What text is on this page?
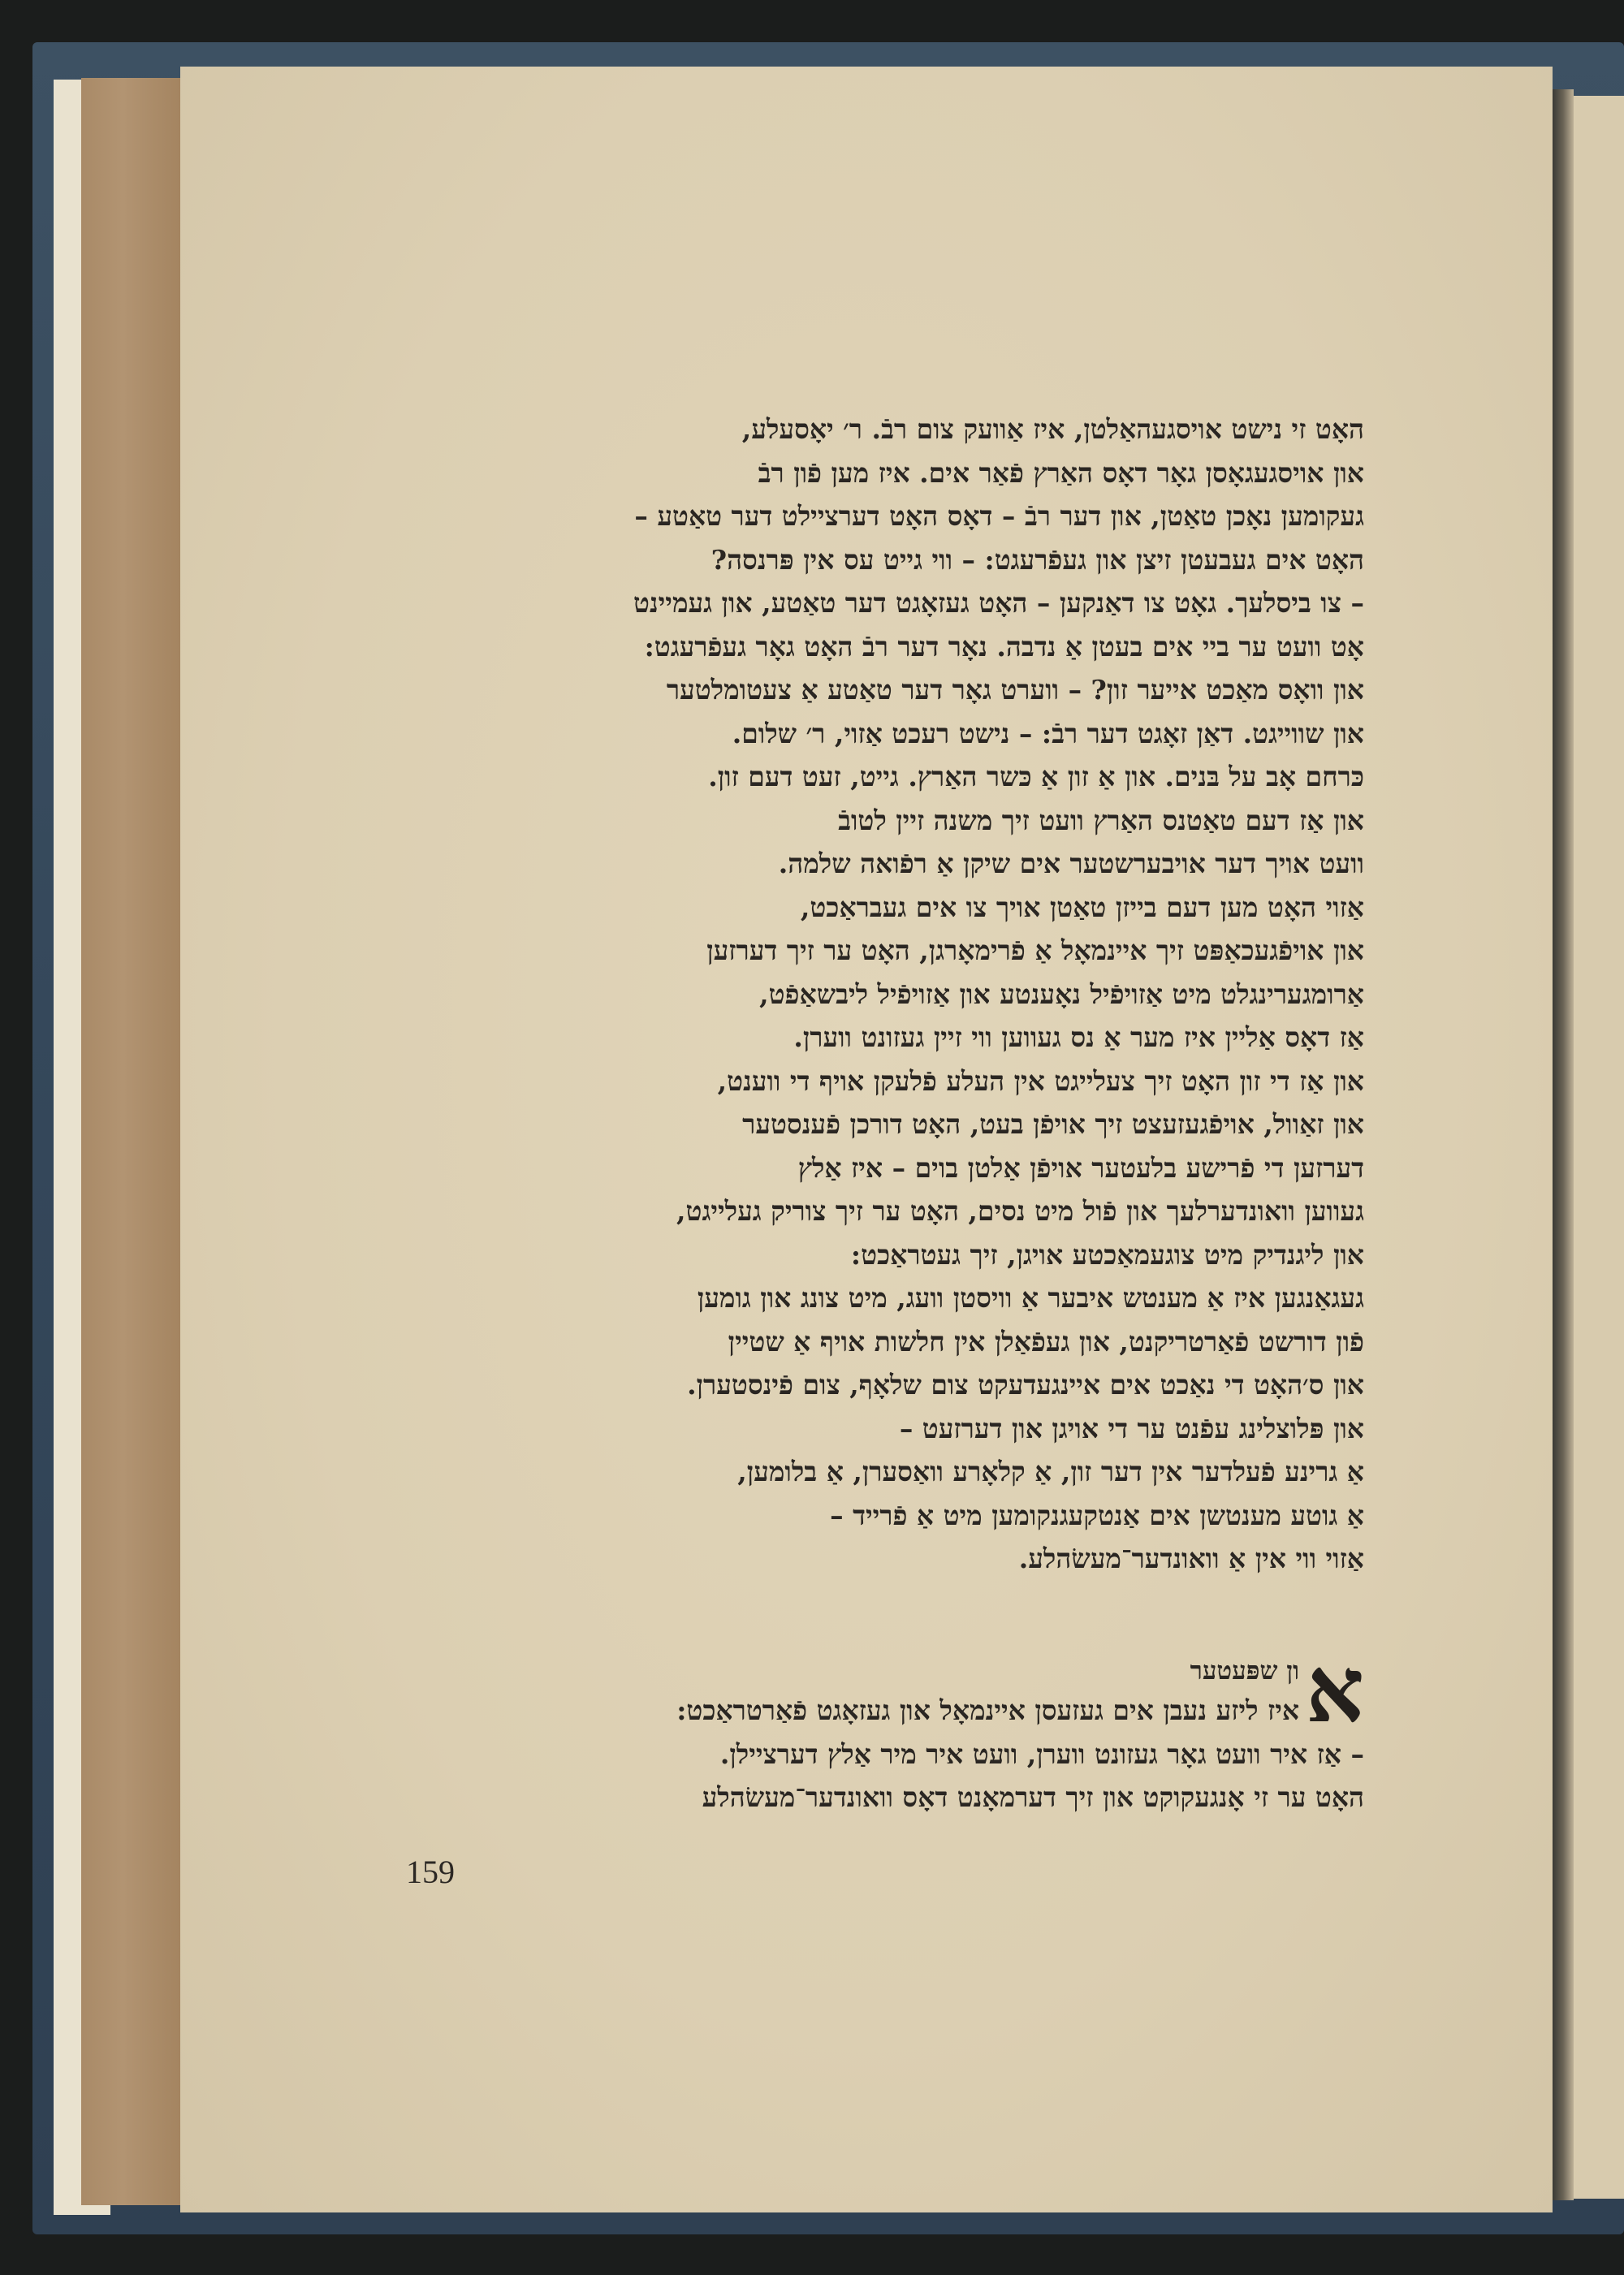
האָט זי נישט אויסגעהאַלטן, איז אַוועק צום רבֿ. ר׳ יאָסעלע,
און אויסגעגאָסן גאָר דאָס האַרץ פֿאַר אים. איז מען פֿון רבֿ
געקומען נאָכן טאַטן, און דער רבֿ – דאָס האָט דערציילט דער טאַטע –
האָט אים געבעטן זיצן און געפֿרעגט: – ווי גייט עס אין פּרנסה?
– צו ביסלעך. גאָט צו דאַנקען – האָט געזאָגט דער טאַטע, און געמיינט
אָט וועט ער ביי אים בעטן אַ נדבה. נאָר דער רבֿ האָט גאָר געפֿרעגט:
און וואָס מאַכט אייער זון? – ווערט גאָר דער טאַטע אַ צעטומלטער
און שווייגט. דאַן זאָגט דער רבֿ: – נישט רעכט אַזוי, ר׳ שלום.
כּרחם אָב על בּנים. און אַ זון אַ כּשר האַרץ. גייט, זעט דעם זון.
און אַז דעם טאַטנס האַרץ וועט זיך משנה זיין לטובֿ
וועט אויך דער אויבערשטער אים שיקן אַ רפֿואה שלמה.
אַזוי האָט מען דעם בייזן טאַטן אויך צו אים געבראַכט,
און אויפֿגעכאַפּט זיך איינמאָל אַ פֿרימאָרגן, האָט ער זיך דערזען
אַרומגערינגלט מיט אַזויפֿיל נאָענטע און אַזויפֿיל ליבשאַפֿט,
אַז דאָס אַליין איז מער אַ נס געווען ווי זיין געזונט ווערן.
און אַז די זון האָט זיך צעלייגט אין העלע פֿלעקן אויף די ווענט,
און זאַוול, אויפֿגעזעצט זיך אויפֿן בעט, האָט דורכן פֿענסטער
דערזען די פֿרישע בלעטער אויפֿן אַלטן בוים – איז אַלץ
געווען וואונדערלעך און פֿול מיט נסים, האָט ער זיך צוריק געלייגט,
און ליגנדיק מיט צוגעמאַכטע אויגן, זיך געטראַכט:
געגאַנגען איז אַ מענטש איבער אַ וויסטן וועג, מיט צונג און גומען
פֿון דורשט פֿאַרטריקנט, און געפֿאַלן אין חלשות אויף אַ שטיין
און ס׳האָט די נאַכט אים איינגעדעקט צום שלאָף, צום פֿינסטערן.
און פּלוצלינג עפֿנט ער די אויגן און דערזעט –
אַ גרינע פֿעלדער אין דער זון, אַ קלאָרע וואַסערן, אַ בלומען,
אַ גוטע מענטשן אים אַנטקעגנקומען מיט אַ פֿרייד –
אַזוי ווי אין אַ וואונדער־מעשׂהלע.
א
ון שפּעטער
איז ליזע נעבן אים געזעסן איינמאָל און געזאָגט פֿאַרטראַכט:
– אַז איר וועט גאָר געזונט ווערן, וועט איר מיר אַלץ דערציילן.
האָט ער זי אָנגעקוקט און זיך דערמאָנט דאָס וואונדער־מעשׂהלע
159
